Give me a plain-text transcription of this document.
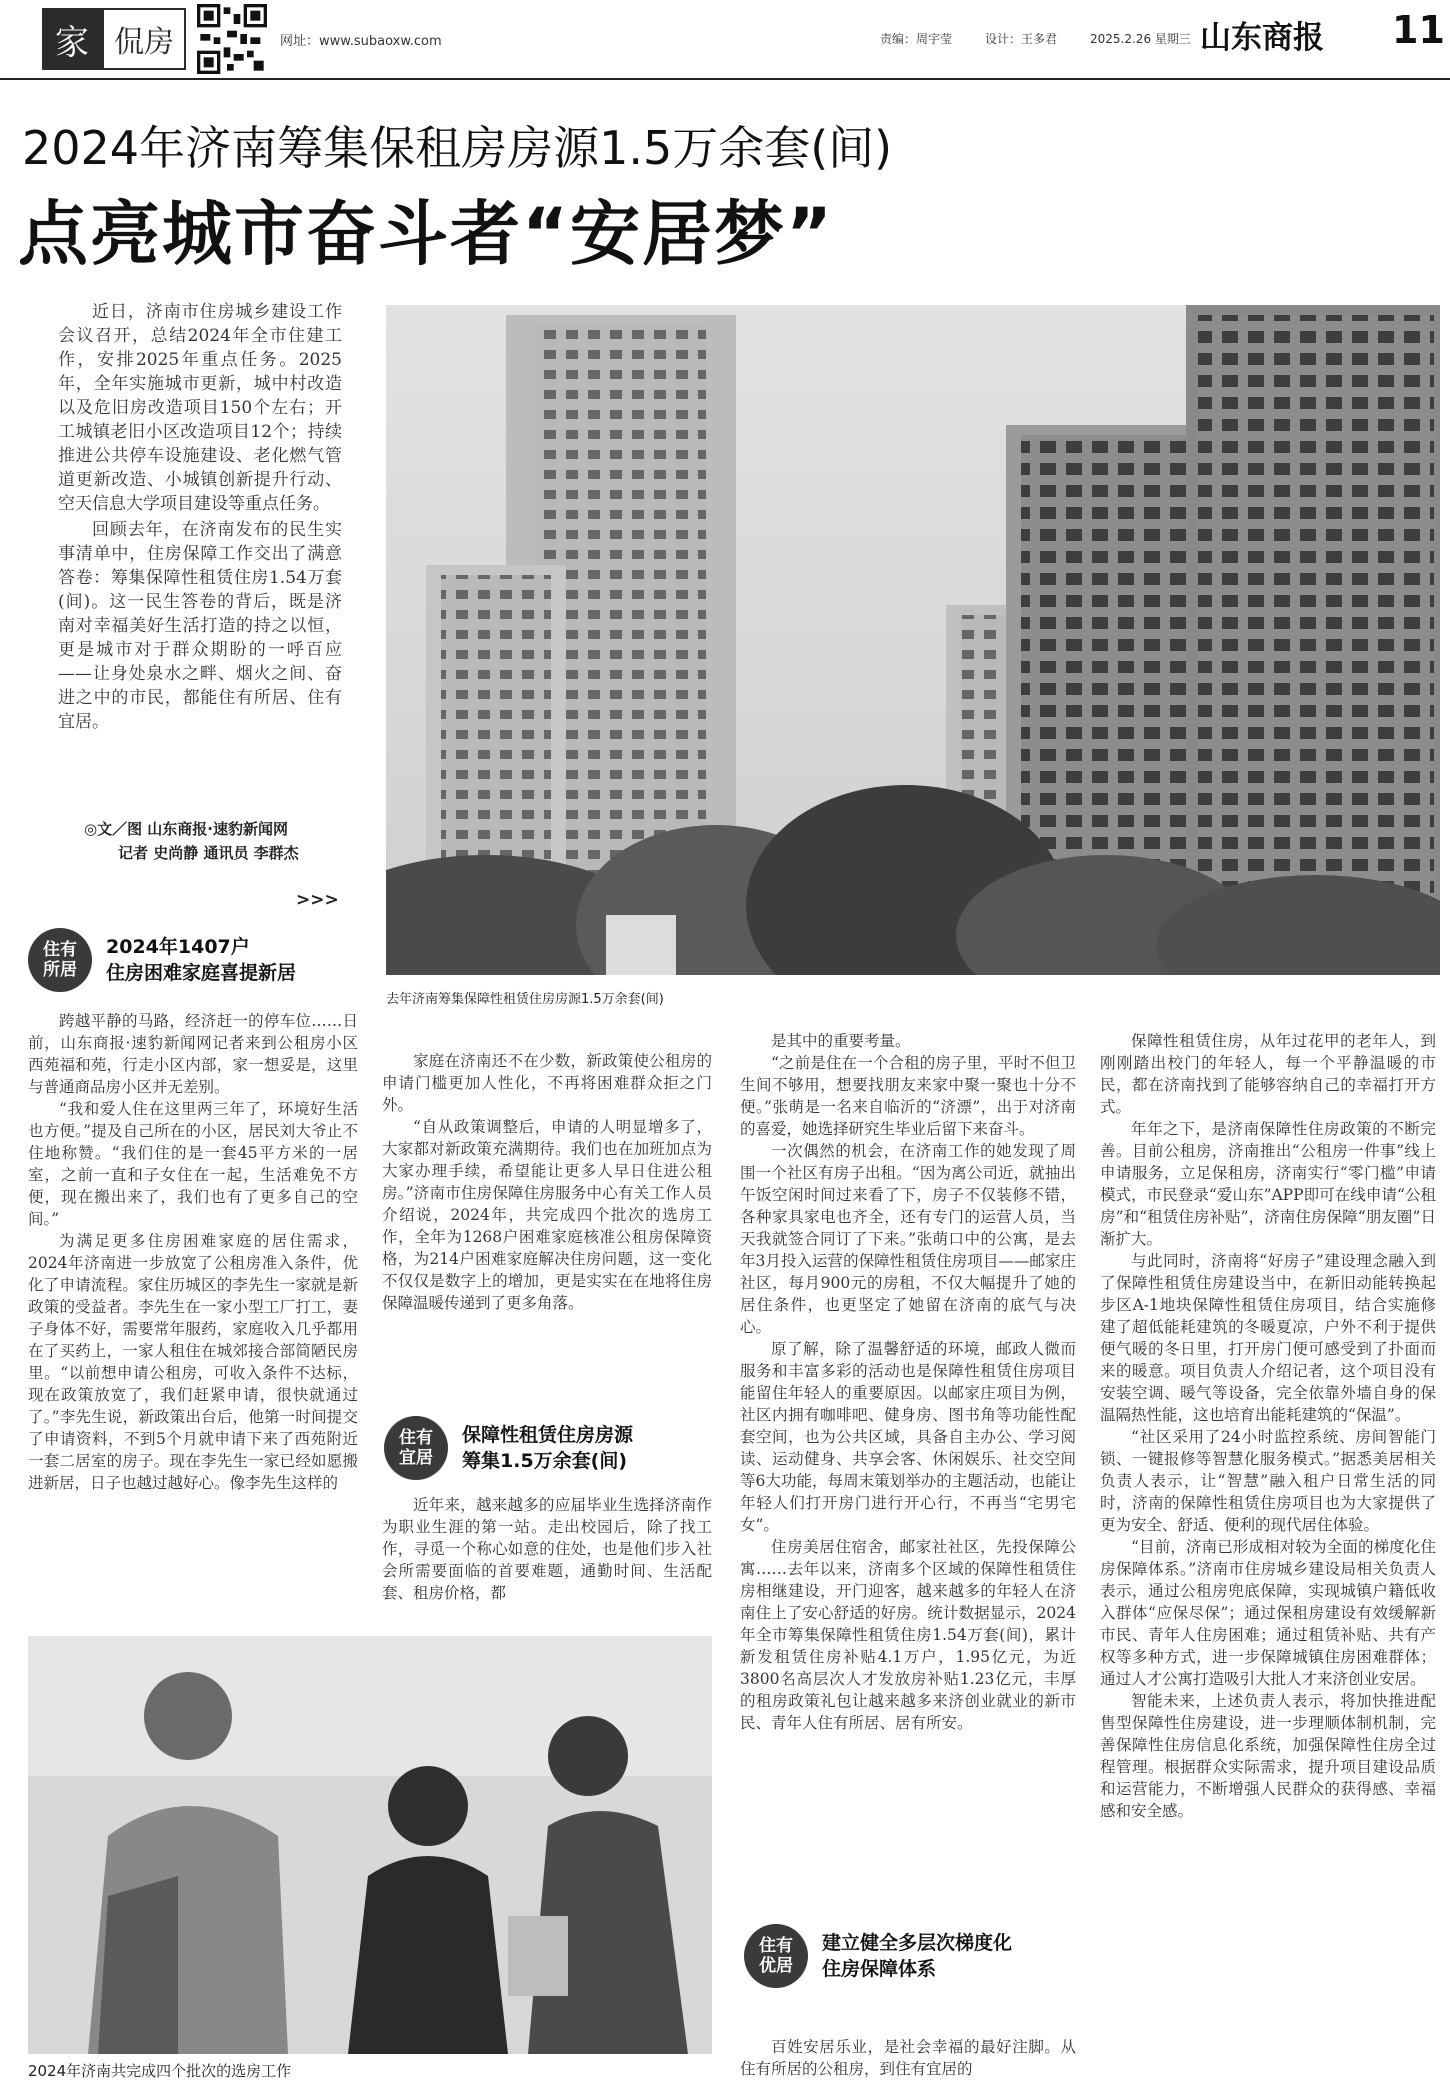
家 侃房	网址：www.subaoxw.com	责编：周宇莹	设计：王多君	2025.2.26 星期三 山东商报 11
2024年济南筹集保租房房源1.5万余套(间)
点亮城市奋斗者“安居梦”

近日，济南市住房城乡建设工作会议召开，总结2024年全市住建工作，安排2025年重点任务。2025年，全年实施城市更新，城中村改造以及危旧房改造项目150个左右；开工城镇老旧小区改造项目12个；持续推进公共停车设施建设、老化燃气管道更新改造、小城镇创新提升行动、空天信息大学项目建设等重点任务。

回顾去年，在济南发布的民生实事清单中，住房保障工作交出了满意答卷：筹集保障性租赁住房1.54万套(间)。这一民生答卷的背后，既是济南对幸福美好生活打造的持之以恒，更是城市对于群众期盼的一呼百应——让身处泉水之畔、烟火之间、奋进之中的市民，都能住有所居、住有宜居。

◎文／图 山东商报·速豹新闻网
记者 史尚静 通讯员 李群杰
>>>
去年济南筹集保障性租赁住房房源1.5万余套(间)
住有
所居
2024年1407户
住房困难家庭喜提新居

跨越平静的马路，经济赶一的停车位……日前，山东商报·速豹新闻网记者来到公租房小区西苑福和苑，行走小区内部，家一想妥是，这里与普通商品房小区并无差别。

“我和爱人住在这里两三年了，环境好生活也方便。”提及自己所在的小区，居民刘大爷止不住地称赞。“我们住的是一套45平方米的一居室，之前一直和子女住在一起，生活难免不方便，现在搬出来了，我们也有了更多自己的空间。”

为满足更多住房困难家庭的居住需求，2024年济南进一步放宽了公租房准入条件，优化了申请流程。家住历城区的李先生一家就是新政策的受益者。李先生在一家小型工厂打工，妻子身体不好，需要常年服药，家庭收入几乎都用在了买药上，一家人租住在城郊接合部简陋民房里。“以前想申请公租房，可收入条件不达标，现在政策放宽了，我们赶紧申请，很快就通过了。”李先生说，新政策出台后，他第一时间提交了申请资料，不到5个月就申请下来了西苑附近一套二居室的房子。现在李先生一家已经如愿搬进新居，日子也越过越好心。像李先生这样的

家庭在济南还不在少数，新政策使公租房的申请门槛更加人性化，不再将困难群众拒之门外。

“自从政策调整后，申请的人明显增多了，大家都对新政策充满期待。我们也在加班加点为大家办理手续，希望能让更多人早日住进公租房。”济南市住房保障住房服务中心有关工作人员介绍说，2024年，共完成四个批次的选房工作，全年为1268户困难家庭核准公租房保障资格，为214户困难家庭解决住房问题，这一变化不仅仅是数字上的增加，更是实实在在地将住房保障温暖传递到了更多角落。

住有
宜居
保障性租赁住房房源
筹集1.5万余套(间)

近年来，越来越多的应届毕业生选择济南作为职业生涯的第一站。走出校园后，除了找工作，寻觅一个称心如意的住处，也是他们步入社会所需要面临的首要难题，通勤时间、生活配套、租房价格，都

是其中的重要考量。

“之前是住在一个合租的房子里，平时不但卫生间不够用，想要找朋友来家中聚一聚也十分不便。”张萌是一名来自临沂的“济漂”，出于对济南的喜爱，她选择研究生毕业后留下来奋斗。

一次偶然的机会，在济南工作的她发现了周围一个社区有房子出租。“因为离公司近，就抽出午饭空闲时间过来看了下，房子不仅装修不错，各种家具家电也齐全，还有专门的运营人员，当天我就签合同订了下来。”张萌口中的公寓，是去年3月投入运营的保障性租赁住房项目——邮家庄社区，每月900元的房租，不仅大幅提升了她的居住条件，也更坚定了她留在济南的底气与决心。

原了解，除了温馨舒适的环境，邮政人微而服务和丰富多彩的活动也是保障性租赁住房项目能留住年轻人的重要原因。以邮家庄项目为例，社区内拥有咖啡吧、健身房、图书角等功能性配套空间，也为公共区域，具备自主办公、学习阅读、运动健身、共享会客、休闲娱乐、社交空间等6大功能，每周末策划举办的主题活动，也能让年轻人们打开房门进行开心行，不再当“宅男宅女”。

住房美居住宿舍，邮家社社区，先投保障公寓……去年以来，济南多个区域的保障性租赁住房相继建设，开门迎客，越来越多的年轻人在济南住上了安心舒适的好房。统计数据显示，2024年全市筹集保障性租赁住房1.54万套(间)，累计新发租赁住房补贴4.1万户，1.95亿元，为近3800名高层次人才发放房补贴1.23亿元，丰厚的租房政策礼包让越来越多来济创业就业的新市民、青年人住有所居、居有所安。

住有
优居
建立健全多层次梯度化
住房保障体系

百姓安居乐业，是社会幸福的最好注脚。从住有所居的公租房，到住有宜居的

保障性租赁住房，从年过花甲的老年人，到刚刚踏出校门的年轻人，每一个平静温暖的市民，都在济南找到了能够容纳自己的幸福打开方式。

年年之下，是济南保障性住房政策的不断完善。目前公租房，济南推出“公租房一件事”线上申请服务，立足保租房，济南实行“零门槛”申请模式，市民登录“爱山东”APP即可在线申请“公租房”和“租赁住房补贴”，济南住房保障“朋友圈”日渐扩大。

与此同时，济南将“好房子”建设理念融入到了保障性租赁住房建设当中，在新旧动能转换起步区A-1地块保障性租赁住房项目，结合实施修建了超低能耗建筑的冬暖夏凉，户外不利于提供便气暖的冬日里，打开房门便可感受到了扑面而来的暖意。项目负责人介绍记者，这个项目没有安装空调、暖气等设备，完全依靠外墙自身的保温隔热性能，这也培育出能耗建筑的“保温”。

“社区采用了24小时监控系统、房间智能门锁、一键报修等智慧化服务模式。”据悉美居相关负责人表示，让“智慧”融入租户日常生活的同时，济南的保障性租赁住房项目也为大家提供了更为安全、舒适、便利的现代居住体验。

“目前，济南已形成相对较为全面的梯度化住房保障体系。”济南市住房城乡建设局相关负责人表示，通过公租房兜底保障，实现城镇户籍低收入群体“应保尽保”；通过保租房建设有效缓解新市民、青年人住房困难；通过租赁补贴、共有产权等多种方式，进一步保障城镇住房困难群体；通过人才公寓打造吸引大批人才来济创业安居。

智能未来，上述负责人表示，将加快推进配售型保障性住房建设，进一步理顺体制机制，完善保障性住房信息化系统，加强保障性住房全过程管理。根据群众实际需求，提升项目建设品质和运营能力，不断增强人民群众的获得感、幸福感和安全感。

2024年济南共完成四个批次的选房工作
